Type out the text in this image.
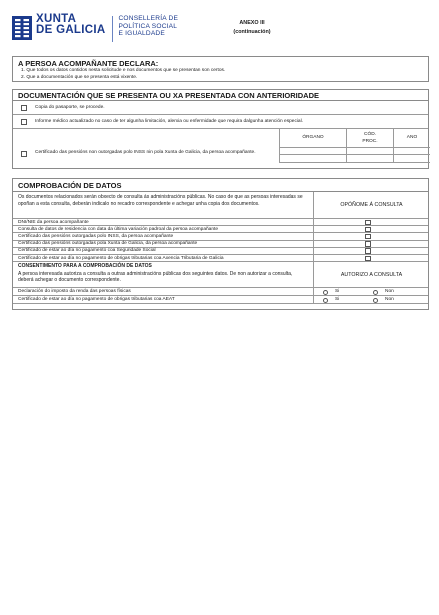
XUNTA
DE GALICIA
CONSELLERÍA DE
POLÍTICA SOCIAL
E IGUALDADE
ANEXO III
(continuación)
A PERSOA ACOMPAÑANTE DECLARA:
1. Que todos os datos contidos nesta solicitude e nos documentos que se presentan son certos.
2. Que a documentación que se presenta está vixente.
DOCUMENTACIÓN QUE SE PRESENTA OU XA PRESENTADA CON ANTERIORIDADE
Copia do pasaporte, se procede.
Informe médico actualizado no caso de ter algunha limitación, alerxia ou enfermidade que requira dalgunha atención especial.
ÓRGANO
CÓD.
PROC.
ANO
Certificado das pensións non outorgadas polo INSS nin pola Xunta de Galicia, da persoa acompañante.
COMPROBACIÓN DE DATOS
Os documentos relacionados serán obxecto de consulta ás administracións públicas. No caso de que as persoas interesadas se opoñan a esta consulta, deberán indicalo no recadro correspondente e achegar unha copia dos documentos.	OPÓÑOME Á CONSULTA
DNI/NIE da persoa acompañante
Consulta de datos de residencia con data da última variación padroal da persoa acompañante
Certificado das pensións outorgadas polo INSS, da persoa acompañante
Certificado das pensións outorgadas pola Xunta de Galicia, da persoa acompañante
Certificado de estar ao día no pagamento coa Seguridade Social
Certificado de estar ao día no pagamento de obrigas tributarias coa Axencia Tributaria de Galicia
CONSENTIMENTO PARA A COMPROBACIÓN DE DATOS
A persoa interesada autoriza a consulta a outras administracións públicas dos seguintes datos. De non autorizar a consulta, deberá achegar o documento correspondente.
AUTORIZO A CONSULTA
Declaración do imposto da renda das persoas físicas	Si	Non
Certificado de estar ao día no pagamento de obrigas tributarias coa AEAT	Si	Non
